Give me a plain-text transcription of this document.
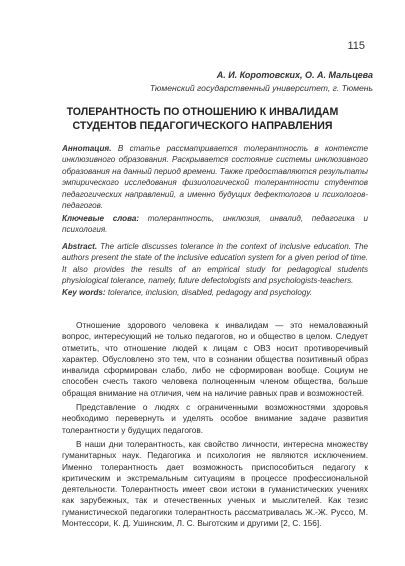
115
А. И. Коротовских, О. А. Мальцева
Тюменский государственный университет, г. Тюмень
ТОЛЕРАНТНОСТЬ ПО ОТНОШЕНИЮ К ИНВАЛИДАМ
СТУДЕНТОВ ПЕДАГОГИЧЕСКОГО НАПРАВЛЕНИЯ
Аннотация. В статье рассматривается толерантность в контексте инклюзивного образования. Раскрывается состояние системы инклюзивного образования на данный период времени. Также предоставляются результаты эмпирического исследования физиологической толерантности студентов педагогических направлений, а именно будущих дефектологов и психологов-педагогов.
Ключевые слова: толерантность, инклюзия, инвалид, педагогика и психология.
Abstract. The article discusses tolerance in the context of inclusive education. The authors present the state of the inclusive education system for a given period of time. It also provides the results of an empirical study for pedagogical students physiological tolerance, namely, future defectologists and psychologists-teachers.
Key words: tolerance, inclusion, disabled, pedagogy and psychology.

Отношение здорового человека к инвалидам — это немаловажный вопрос, интересующий не только педагогов, но и общество в целом. Следует отметить, что отношение людей к лицам с ОВЗ носит противоречивый характер. Обусловлено это тем, что в сознании общества позитивный образ инвалида сформирован слабо, либо не сформирован вообще. Социум не способен счесть такого человека полноценным членом общества, больше обращая внимание на отличия, чем на наличие равных прав и возможностей.

Представление о людях с ограниченными возможностями здоровья необходимо перевернуть и уделять особое внимание задаче развития толерантности у будущих педагогов.

В наши дни толерантность, как свойство личности, интересна множеству гуманитарных наук. Педагогика и психология не являются исключением. Именно толерантность дает возможность приспособиться педагогу к критическим и экстремальным ситуациям в процессе профессиональной деятельности. Толерантность имеет свои истоки в гуманистических учениях как зарубежных, так и отечественных ученых и мыслителей. Как тезис гуманистической педагогики толерантность рассматривалась Ж.-Ж. Руссо, М. Монтессори, К. Д. Ушинским, Л. С. Выготским и другими [2, С. 156].
